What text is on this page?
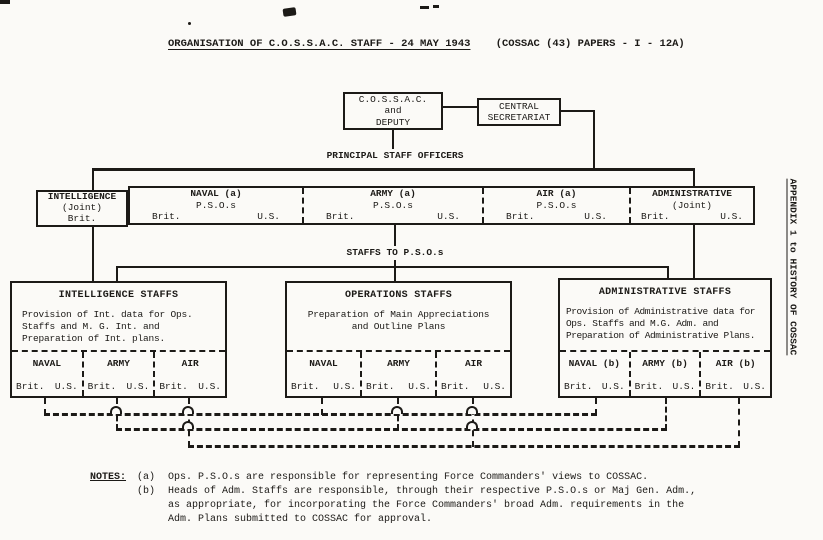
ORGANISATION OF C.O.S.S.A.C. STAFF - 24 MAY 1943 (COSSAC (43) PAPERS - I - 12A)
APPENDIX 1 to HISTORY OF COSSAC
C.O.S.S.A.C.
and
DEPUTY
CENTRAL
SECRETARIAT
PRINCIPAL STAFF OFFICERS
NAVAL (a)
P.S.O.s
Brit.	U.S.
ARMY (a)
P.S.O.s
Brit.	U.S.
AIR (a)
P.S.O.s
Brit.	U.S.
ADMINISTRATIVE
(Joint)
Brit.	U.S.
INTELLIGENCE
(Joint)
Brit.
STAFFS TO P.S.O.s
INTELLIGENCE STAFFS
Provision of Int. data for Ops.
Staffs and M. G. Int. and
Preparation of Int. plans.
NAVAL
Brit. U.S.
ARMY
Brit. U.S.
AIR
Brit. U.S.
OPERATIONS STAFFS
Preparation of Main Appreciations
and Outline Plans
NAVAL
Brit. U.S.
ARMY
Brit. U.S.
AIR
Brit. U.S.
ADMINISTRATIVE STAFFS
Provision of Administrative data for
Ops. Staffs and M.G. Adm. and
Preparation of Administrative Plans.
NAVAL (b)
Brit. U.S.
ARMY (b)
Brit. U.S.
AIR (b)
Brit. U.S.
NOTES: (a) Ops. P.S.O.s are responsible for representing Force Commanders' views to COSSAC.
(b) Heads of Adm. Staffs are responsible, through their respective P.S.O.s or Maj Gen. Adm.,
as appropriate, for incorporating the Force Commanders' broad Adm. requirements in the
Adm. Plans submitted to COSSAC for approval.
